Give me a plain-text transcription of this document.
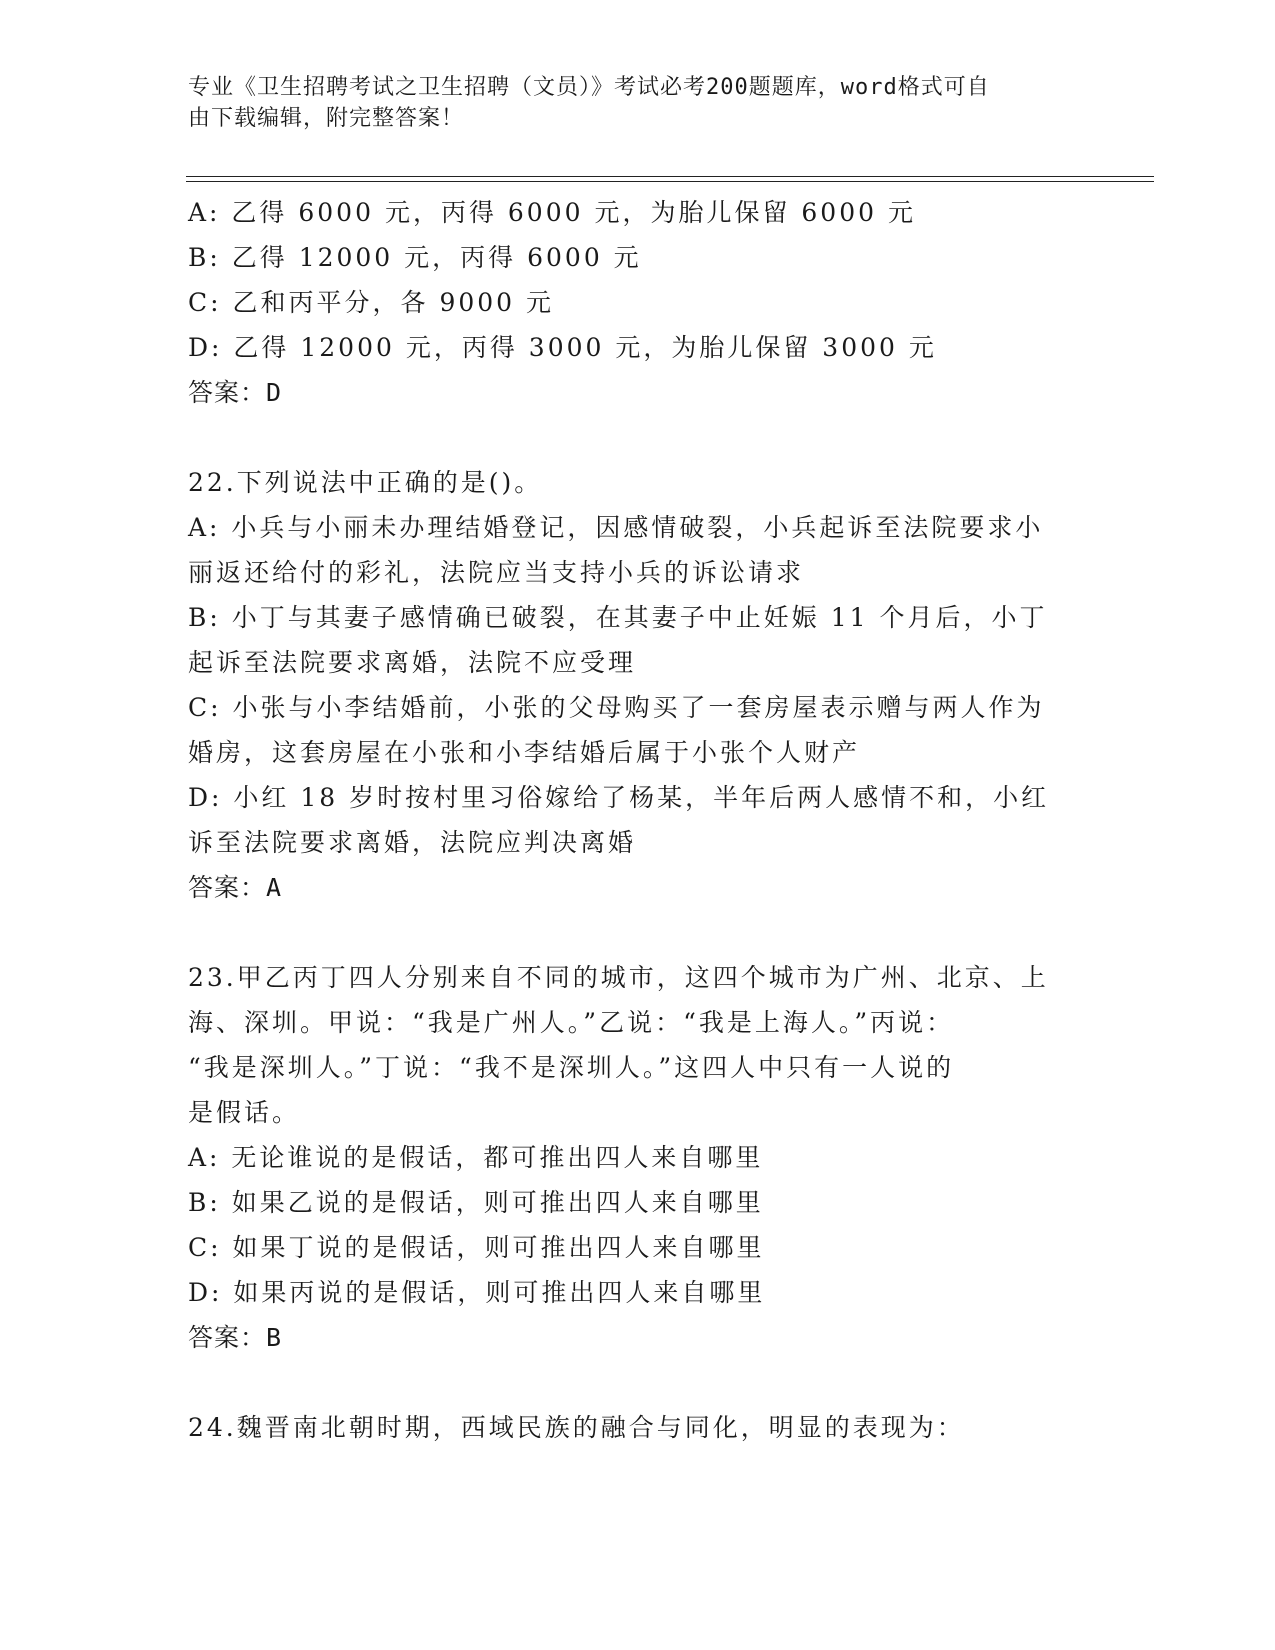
专业《卫生招聘考试之卫生招聘（文员）》考试必考200题题库，word格式可自
由下载编辑，附完整答案！
A: 乙得 6000 元，丙得 6000 元，为胎儿保留 6000 元
B: 乙得 12000 元，丙得 6000 元
C: 乙和丙平分，各 9000 元
D: 乙得 12000 元，丙得 3000 元，为胎儿保留 3000 元
答案：D
22.下列说法中正确的是()。
A: 小兵与小丽未办理结婚登记，因感情破裂，小兵起诉至法院要求小
丽返还给付的彩礼，法院应当支持小兵的诉讼请求
B: 小丁与其妻子感情确已破裂，在其妻子中止妊娠 11 个月后，小丁
起诉至法院要求离婚，法院不应受理
C: 小张与小李结婚前，小张的父母购买了一套房屋表示赠与两人作为
婚房，这套房屋在小张和小李结婚后属于小张个人财产
D: 小红 18 岁时按村里习俗嫁给了杨某，半年后两人感情不和，小红
诉至法院要求离婚，法院应判决离婚
答案：A
23.甲乙丙丁四人分别来自不同的城市，这四个城市为广州、北京、上
海、深圳。甲说：“我是广州人。”乙说：“我是上海人。”丙说：
“我是深圳人。”丁说：“我不是深圳人。”这四人中只有一人说的
是假话。
A: 无论谁说的是假话，都可推出四人来自哪里
B: 如果乙说的是假话，则可推出四人来自哪里
C: 如果丁说的是假话，则可推出四人来自哪里
D: 如果丙说的是假话，则可推出四人来自哪里
答案：B
24.魏晋南北朝时期，西域民族的融合与同化，明显的表现为：
